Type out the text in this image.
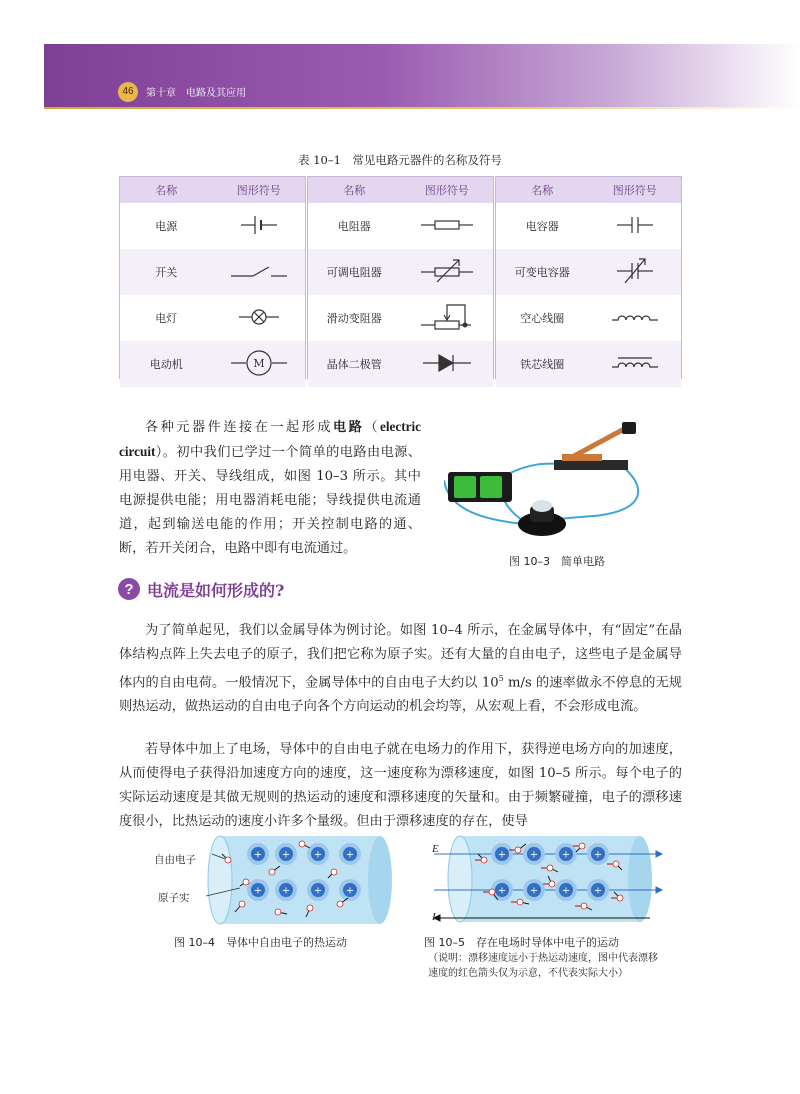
46	第十章　电路及其应用
表 10–1　常见电路元器件的名称及符号
名称	图形符号
电源	
开关	
电灯	
电动机	M
名称	图形符号
电阻器	
可调电阻器	
滑动变阻器	
晶体二极管	
名称	图形符号
电容器	
可变电容器	
空心线圈	
铁芯线圈	
各种元器件连接在一起形成电路（electric circuit）。初中我们已学过一个简单的电路由电源、用电器、开关、导线组成，如图 10–3 所示。其中电源提供电能；用电器消耗电能；导线提供电流通道，起到输送电能的作用；开关控制电路的通、断，若开关闭合，电路中即有电流通过。
图 10–3　简单电路
? 电流是如何形成的?
为了简单起见，我们以金属导体为例讨论。如图 10–4 所示，在金属导体中，有“固定”在晶体结构点阵上失去电子的原子，我们把它称为原子实。还有大量的自由电子，这些电子是金属导体内的自由电荷。一般情况下，金属导体中的自由电子大约以 $10^5$ m/s 的速率做永不停息的无规则热运动，做热运动的自由电子向各个方向运动的机会均等，从宏观上看，不会形成电流。
若导体中加上了电场，导体中的自由电子就在电场力的作用下，获得逆电场方向的加速度，从而使得电子获得沿加速度方向的速度，这一速度称为漂移速度，如图 10–5 所示。每个电子的实际运动速度是其做无规则的热运动的速度和漂移速度的矢量和。由于频繁碰撞，电子的漂移速度很小，比热运动的速度小许多个量级。但由于漂移速度的存在，使导
+ + + +
+ + + +
自由电子
原子实
图 10–4　导体中自由电子的热运动
+ + + +
+ + + +
E
I
图 10–5　存在电场时导体中电子的运动
（说明：漂移速度远小于热运动速度，图中代表漂移速度的红色箭头仅为示意，不代表实际大小）
